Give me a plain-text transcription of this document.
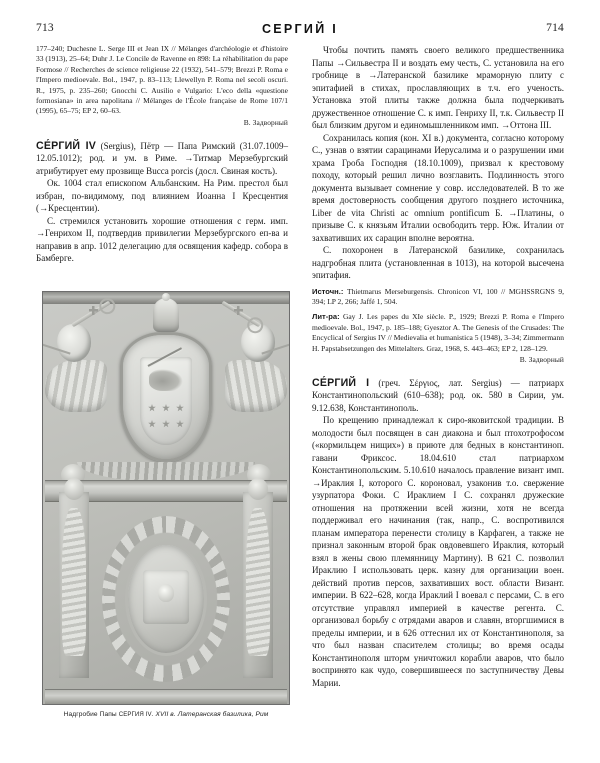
713	СЕРГИЙ I	714

177–240; Duchesne L. Serge III et Jean IX // Mélanges d'archéologie et d'histoire 33 (1913), 25–64; Duhr J. Le Concile de Ravenne en 898: La réhabilitation du pape Formose // Recherches de science religieuse 22 (1932), 541–579; Brezzi P. Roma e l'Impero medioevale. Bol., 1947, p. 83–113; Llewellyn P. Roma nel secoli oscuri. R., 1975, p. 235–260; Gnocchi C. Ausilio e Vulgario: L'eco della «questione formosiana» in area napolitana // Mélanges de l'École française de Rome 107/1 (1995), 65–75; EP 2, 60–63.

В. Задворный

СЕ́РГИЙ IV (Sergius), Пётр — Папа Римский (31.07.1009–12.05.1012); род. и ум. в Риме. →Титмар Мерзебургский атрибутирует ему прозвище Bucca porcis (досл. Свиная кость).

Ок. 1004 стал епископом Альбанским. На Рим. престол был избран, по-видимому, под влиянием Иоанна I Кресцентия (→Кресцентии).

С. стремился установить хорошие отношения с герм. имп. →Генрихом II, подтвердив привилегии Мерзебургского еп-ва и направив в апр. 1012 делегацию для освящения кафедр. собора в Бамберге.

Надгробие Папы СЕРГИЯ IV. XVII в. Латеранская базилика, Рим

Чтобы почтить память своего великого предшественника Папы →Сильвестра II и воздать ему честь, С. установила на его гробнице в →Латеранской базилике мраморную плиту с эпитафией в стихах, прославляющих в т.ч. его ученость. Установка этой плиты также должна была подчеркивать дружественное отношение С. к имп. Генриху II, т.к. Сильвестр II был близким другом и единомышленником имп. →Оттона III.

Сохранилась копия (кон. XI в.) документа, согласно которому С., узнав о взятии сарацинами Иерусалима и о разрушении ими храма Гроба Господня (18.10.1009), призвал к крестовому походу, который решил лично возглавить. Подлинность этого документа вызывает сомнение у совр. исследователей. В то же время достоверность сообщения другого позднего источника, Liber de vita Christi ac omnium pontificum Б. →Платины, о призыве С. к князьям Италии освободить терр. Юж. Италии от захвативших их сарацин вполне вероятна.

С. похоронен в Латеранской базилике, сохранилась надгробная плита (установленная в 1013), на которой высечена эпитафия.

Источн.: Thietmarus Merseburgensis. Chronicon VI, 100 // MGHSSRGNS 9, 394; LP 2, 266; Jaffé 1, 504.

Лит-ра: Gay J. Les papes du XIe siècle. P., 1929; Brezzi P. Roma e l'Impero medioevale. Bol., 1947, p. 185–188; Gyesztor A. The Genesis of the Crusades: The Encyclical of Sergius IV // Medievalia et humanistica 5 (1948), 3–34; Zimmermann H. Papstabsetzungen des Mittelalters. Graz, 1968, S. 443–463; EP 2, 128–129.

В. Задворный

СЕ́РГИЙ I (греч. Σέργιος, лат. Sergius) — патриарх Константинопольский (610–638); род. ок. 580 в Сирии, ум. 9.12.638, Константинополь.

По крещению принадлежал к сиро-яковитской традиции. В молодости был посвящен в сан диакона и был птохотрофосом («кормильцем нищих») в приюте для бедных в константиноп. гавани Фриксос. 18.04.610 стал патриархом Константинопольским. 5.10.610 началось правление визант имп. →Ираклия I, которого С. короновал, узаконив т.о. свержение узурпатора Фоки. С Ираклием I С. сохранял дружеские отношения на протяжении всей жизни, хотя не всегда поддерживал его начинания (так, напр., С. воспротивился планам императора перенести столицу в Карфаген, а также не признал законным второй брак овдовевшего Ираклия, который взял в жены свою племянницу Мартину). В 621 С. позволил Ираклию I использовать церк. казну для организации воен. действий против персов, захвативших вост. области Визант. империи. В 622–628, когда Ираклий I воевал с персами, С. в его отсутствие управлял империей в качестве регента. С. организовал борьбу с отрядами аваров и славян, вторгшимися в пределы империи, и в 626 оттеснил их от Константинополя, за что был назван спасителем столицы; во время осады Константинополя шторм уничтожил корабли аваров, что было воспринято как чудо, совершившееся по заступничеству Девы Марии.
